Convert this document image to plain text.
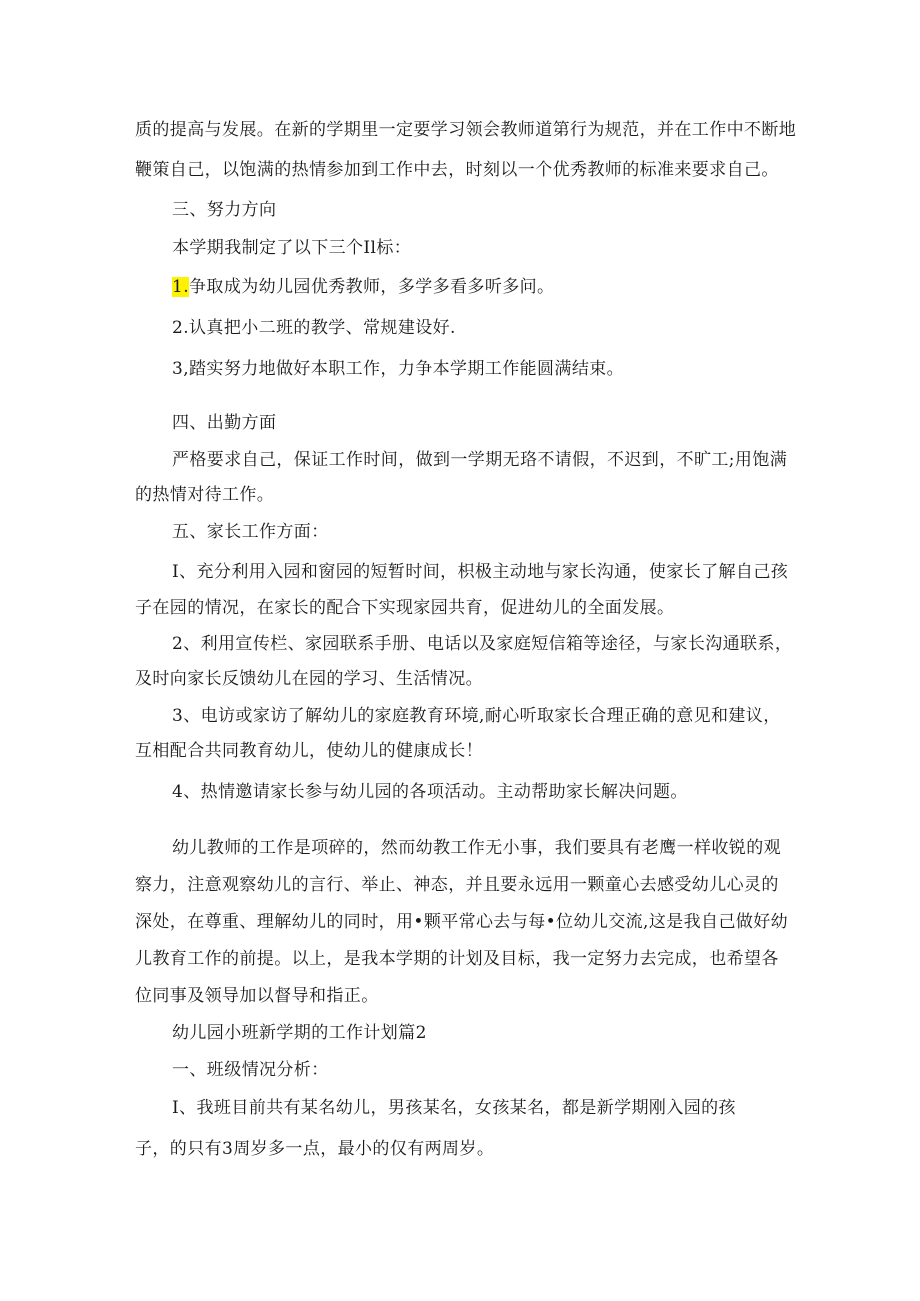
质的提高与发展。在新的学期里一定要学习领会教师道第行为规范，并在工作中不断地
鞭策自己，以饱满的热情参加到工作中去，时刻以一个优秀教师的标准来要求自己。
三、努力方向
本学期我制定了以下三个Il标：
1.争取成为幼儿园优秀教师，多学多看多听多问。
2.认真把小二班的教学、常规建设好.
3,踏实努力地做好本职工作，力争本学期工作能圆满结束。
四、出勤方面
严格要求自己，保证工作时间，做到一学期无珞不请假，不迟到，不旷工;用饱满
的热情对待工作。
五、家长工作方面：
I、充分利用入园和窗园的短暂时间，枳极主动地与家长沟通，使家长了解自己孩
子在园的情况，在家长的配合下实现家园共育，促进幼儿的全面发展。
2、利用宣传栏、家园联系手册、电话以及家庭短信箱等途径，与家长沟通联系，
及时向家长反馈幼儿在园的学习、生活情况。
3、电访或家访了解幼儿的家庭教育环境,耐心听取家长合理正确的意见和建议，
互相配合共同教育幼儿，使幼儿的健康成长！
4、热情邀请家长参与幼儿园的各项活动。主动帮助家长解决问题。
幼儿教师的工作是项碎的，然而幼教工作无小事，我们要具有老鹰一样收锐的观
察力，注意观察幼儿的言行、举止、神态，并且要永远用一颗童心去感受幼儿心灵的
深处，在尊重、理解幼儿的同时，用•颗平常心去与每•位幼儿交流,这是我自己做好幼
儿教育工作的前提。以上，是我本学期的计划及目标，我一定努力去完成，也希望各
位同事及领导加以督导和指正。
幼儿园小班新学期的工作计划篇2
一、班级情况分析：
I、我班目前共有某名幼儿，男孩某名，女孩某名，都是新学期刚入园的孩
子，的只有3周岁多一点，最小的仅有两周岁。
